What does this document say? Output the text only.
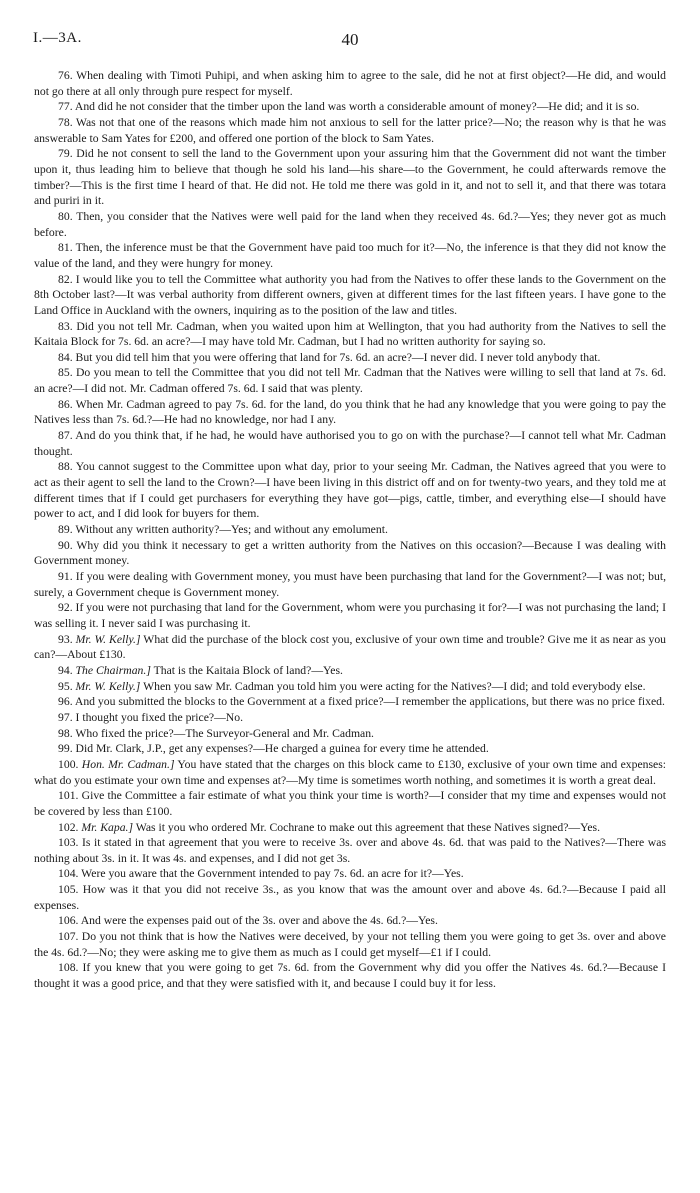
I.—3A.	40

76. When dealing with Timoti Puhipi, and when asking him to agree to the sale, did he not at first object?—He did, and would not go there at all only through pure respect for myself.

77. And did he not consider that the timber upon the land was worth a considerable amount of money?—He did; and it is so.

78. Was not that one of the reasons which made him not anxious to sell for the latter price?—No; the reason why is that he was answerable to Sam Yates for £200, and offered one portion of the block to Sam Yates.

79. Did he not consent to sell the land to the Government upon your assuring him that the Government did not want the timber upon it, thus leading him to believe that though he sold his land—his share—to the Government, he could afterwards remove the timber?—This is the first time I heard of that. He did not. He told me there was gold in it, and not to sell it, and that there was totara and puriri in it.

80. Then, you consider that the Natives were well paid for the land when they received 4s. 6d.?—Yes; they never got as much before.

81. Then, the inference must be that the Government have paid too much for it?—No, the inference is that they did not know the value of the land, and they were hungry for money.

82. I would like you to tell the Committee what authority you had from the Natives to offer these lands to the Government on the 8th October last?—It was verbal authority from different owners, given at different times for the last fifteen years. I have gone to the Land Office in Auckland with the owners, inquiring as to the position of the law and titles.

83. Did you not tell Mr. Cadman, when you waited upon him at Wellington, that you had authority from the Natives to sell the Kaitaia Block for 7s. 6d. an acre?—I may have told Mr. Cadman, but I had no written authority for saying so.

84. But you did tell him that you were offering that land for 7s. 6d. an acre?—I never did. I never told anybody that.

85. Do you mean to tell the Committee that you did not tell Mr. Cadman that the Natives were willing to sell that land at 7s. 6d. an acre?—I did not. Mr. Cadman offered 7s. 6d. I said that was plenty.

86. When Mr. Cadman agreed to pay 7s. 6d. for the land, do you think that he had any knowledge that you were going to pay the Natives less than 7s. 6d.?—He had no knowledge, nor had I any.

87. And do you think that, if he had, he would have authorised you to go on with the purchase?—I cannot tell what Mr. Cadman thought.

88. You cannot suggest to the Committee upon what day, prior to your seeing Mr. Cadman, the Natives agreed that you were to act as their agent to sell the land to the Crown?—I have been living in this district off and on for twenty-two years, and they told me at different times that if I could get purchasers for everything they have got—pigs, cattle, timber, and everything else—I should have power to act, and I did look for buyers for them.

89. Without any written authority?—Yes; and without any emolument.

90. Why did you think it necessary to get a written authority from the Natives on this occasion?—Because I was dealing with Government money.

91. If you were dealing with Government money, you must have been purchasing that land for the Government?—I was not; but, surely, a Government cheque is Government money.

92. If you were not purchasing that land for the Government, whom were you purchasing it for?—I was not purchasing the land; I was selling it. I never said I was purchasing it.

93. Mr. W. Kelly.] What did the purchase of the block cost you, exclusive of your own time and trouble? Give me it as near as you can?—About £130.

94. The Chairman.] That is the Kaitaia Block of land?—Yes.

95. Mr. W. Kelly.] When you saw Mr. Cadman you told him you were acting for the Natives?—I did; and told everybody else.

96. And you submitted the blocks to the Government at a fixed price?—I remember the applications, but there was no price fixed.

97. I thought you fixed the price?—No.

98. Who fixed the price?—The Surveyor-General and Mr. Cadman.

99. Did Mr. Clark, J.P., get any expenses?—He charged a guinea for every time he attended.

100. Hon. Mr. Cadman.] You have stated that the charges on this block came to £130, exclusive of your own time and expenses: what do you estimate your own time and expenses at?—My time is sometimes worth nothing, and sometimes it is worth a great deal.

101. Give the Committee a fair estimate of what you think your time is worth?—I consider that my time and expenses would not be covered by less than £100.

102. Mr. Kapa.] Was it you who ordered Mr. Cochrane to make out this agreement that these Natives signed?—Yes.

103. Is it stated in that agreement that you were to receive 3s. over and above 4s. 6d. that was paid to the Natives?—There was nothing about 3s. in it. It was 4s. and expenses, and I did not get 3s.

104. Were you aware that the Government intended to pay 7s. 6d. an acre for it?—Yes.

105. How was it that you did not receive 3s., as you know that was the amount over and above 4s. 6d.?—Because I paid all expenses.

106. And were the expenses paid out of the 3s. over and above the 4s. 6d.?—Yes.

107. Do you not think that is how the Natives were deceived, by your not telling them you were going to get 3s. over and above the 4s. 6d.?—No; they were asking me to give them as much as I could get myself—£1 if I could.

108. If you knew that you were going to get 7s. 6d. from the Government why did you offer the Natives 4s. 6d.?—Because I thought it was a good price, and that they were satisfied with it, and because I could buy it for less.
